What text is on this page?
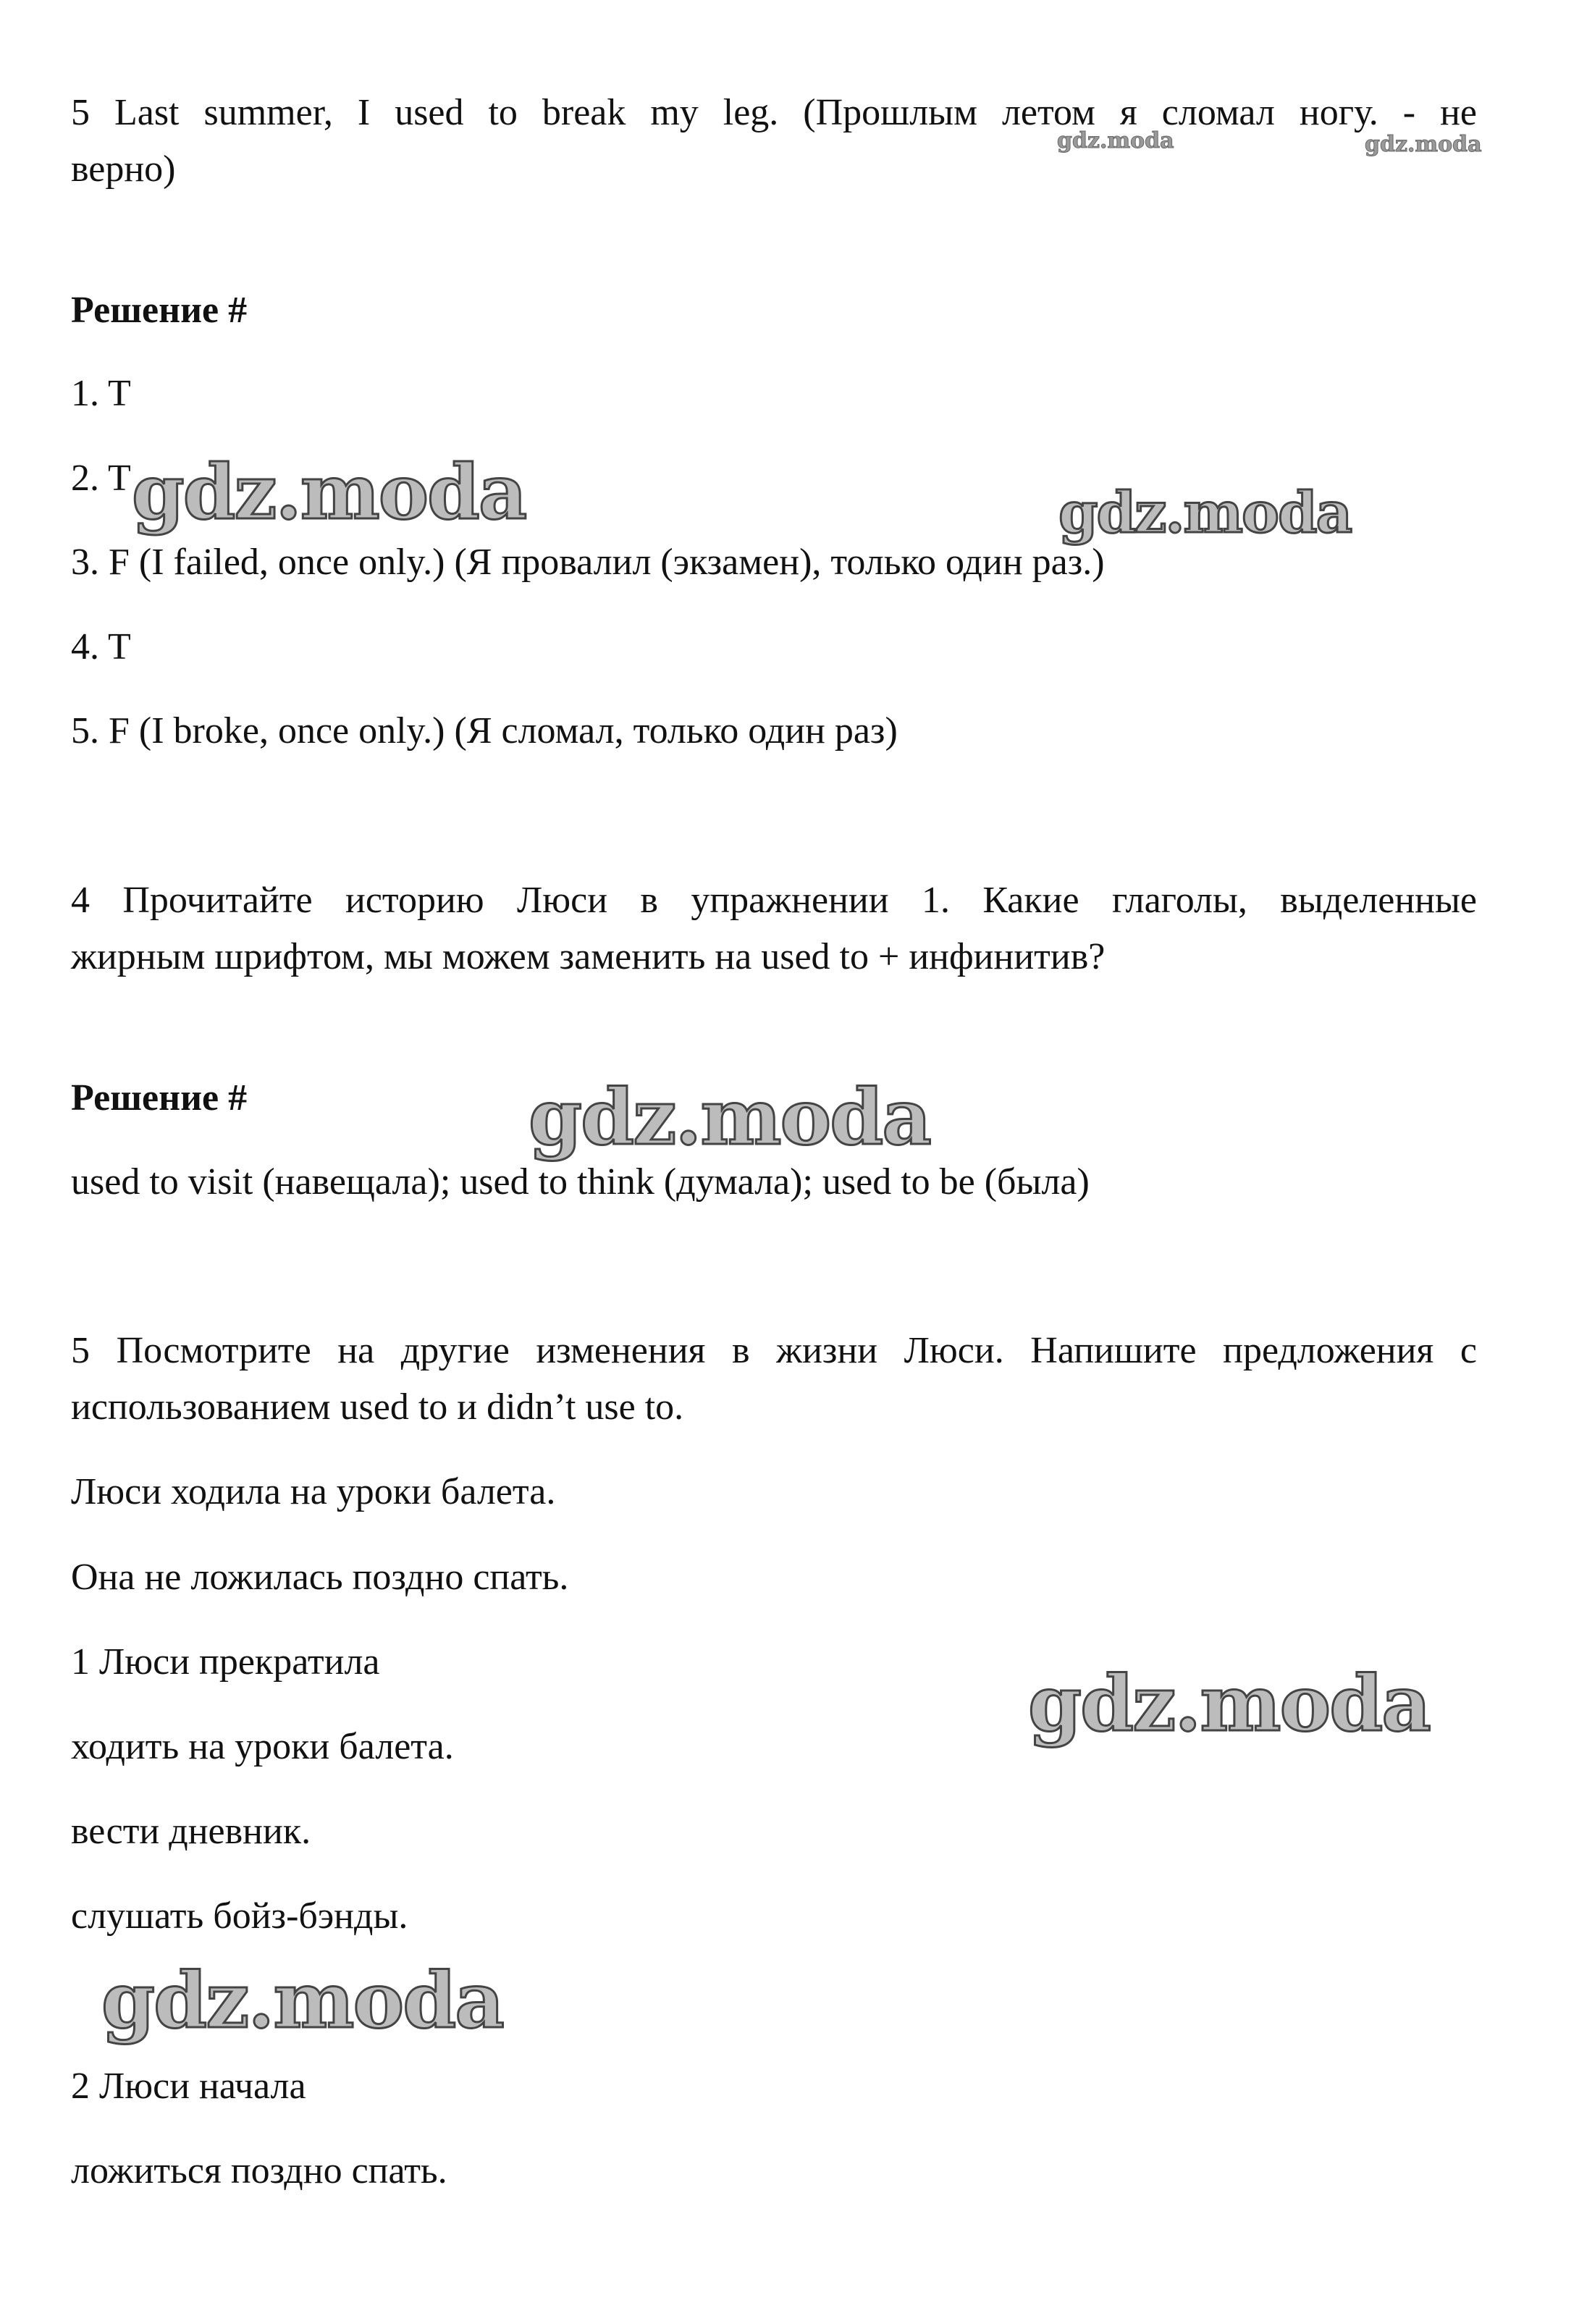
5 Last summer, I used to break my leg. (Прошлым летом я сломал ногу. - не
верно)
Решение #
1. T
2. T
3. F (I failed, once only.) (Я провалил (экзамен), только один раз.)
4. T
5. F (I broke, once only.) (Я сломал, только один раз)
4 Прочитайте историю Люси в упражнении 1. Какие глаголы, выделенные
жирным шрифтом, мы можем заменить на used to + инфинитив?
Решение #
used to visit (навещала); used to think (думала); used to be (была)
5 Посмотрите на другие изменения в жизни Люси. Напишите предложения с
использованием used to и didn’t use to.
Люси ходила на уроки балета.
Она не ложилась поздно спать.
1 Люси прекратила
ходить на уроки балета.
вести дневник.
слушать бойз-бэнды.
2 Люси начала
ложиться поздно спать.
gdz.moda	gdz.moda
gdz.moda	gdz.moda
gdz.moda
gdz.moda
gdz.moda
